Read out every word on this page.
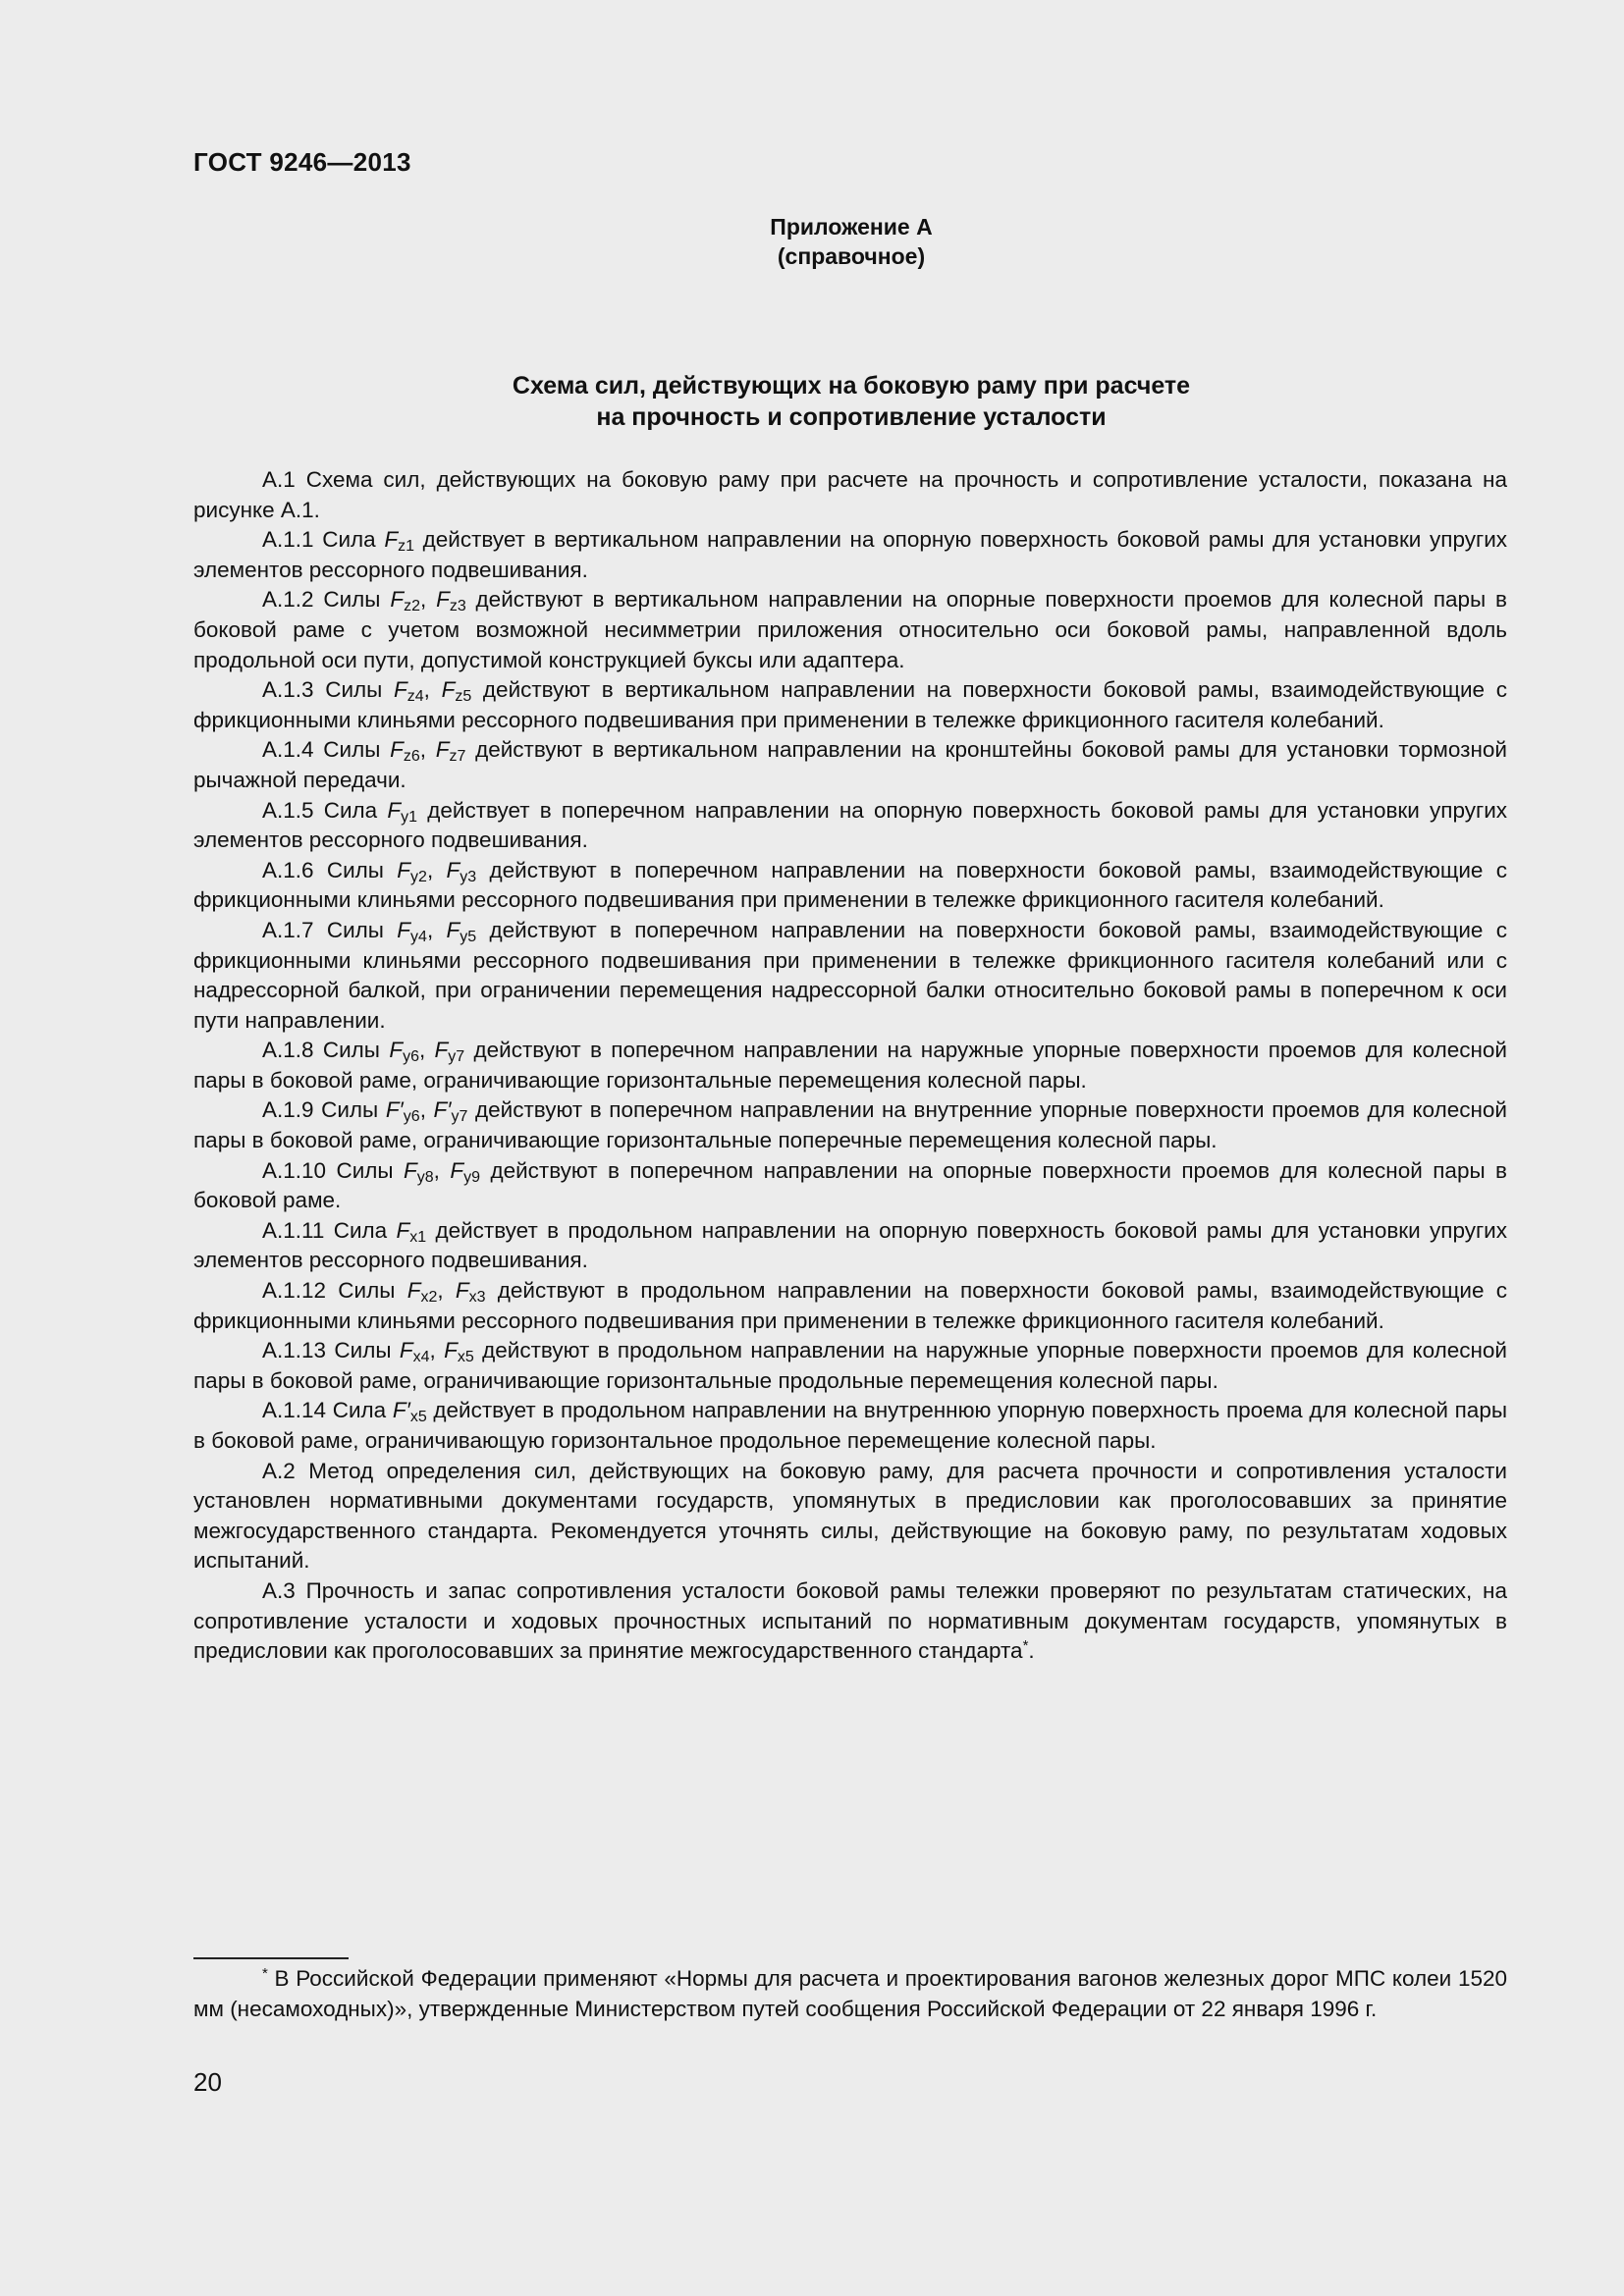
ГОСТ 9246—2013
Приложение А
(справочное)
Схема сил, действующих на боковую раму при расчете
на прочность и сопротивление усталости

А.1 Схема сил, действующих на боковую раму при расчете на прочность и сопротивление усталости, показана на рисунке А.1.

А.1.1 Сила $F_{z1}$ действует в вертикальном направлении на опорную поверхность боковой рамы для установки упругих элементов рессорного подвешивания.

А.1.2 Силы $F_{z2}$, $F_{z3}$ действуют в вертикальном направлении на опорные поверхности проемов для колесной пары в боковой раме с учетом возможной несимметрии приложения относительно оси боковой рамы, направленной вдоль продольной оси пути, допустимой конструкцией буксы или адаптера.

А.1.3 Силы $F_{z4}$, $F_{z5}$ действуют в вертикальном направлении на поверхности боковой рамы, взаимодействующие с фрикционными клиньями рессорного подвешивания при применении в тележке фрикционного гасителя колебаний.

А.1.4 Силы $F_{z6}$, $F_{z7}$ действуют в вертикальном направлении на кронштейны боковой рамы для установки тормозной рычажной передачи.

А.1.5 Сила $F_{y1}$ действует в поперечном направлении на опорную поверхность боковой рамы для установки упругих элементов рессорного подвешивания.

А.1.6 Силы $F_{y2}$, $F_{y3}$ действуют в поперечном направлении на поверхности боковой рамы, взаимодействующие с фрикционными клиньями рессорного подвешивания при применении в тележке фрикционного гасителя колебаний.

А.1.7 Силы $F_{y4}$, $F_{y5}$ действуют в поперечном направлении на поверхности боковой рамы, взаимодействующие с фрикционными клиньями рессорного подвешивания при применении в тележке фрикционного гасителя колебаний или с надрессорной балкой, при ограничении перемещения надрессорной балки относительно боковой рамы в поперечном к оси пути направлении.

А.1.8 Силы $F_{y6}$, $F_{y7}$ действуют в поперечном направлении на наружные упорные поверхности проемов для колесной пары в боковой раме, ограничивающие горизонтальные перемещения колесной пары.

А.1.9 Силы $F'_{y6}$, $F'_{y7}$ действуют в поперечном направлении на внутренние упорные поверхности проемов для колесной пары в боковой раме, ограничивающие горизонтальные поперечные перемещения колесной пары.

А.1.10 Силы $F_{y8}$, $F_{y9}$ действуют в поперечном направлении на опорные поверхности проемов для колесной пары в боковой раме.

А.1.11 Сила $F_{x1}$ действует в продольном направлении на опорную поверхность боковой рамы для установки упругих элементов рессорного подвешивания.

А.1.12 Силы $F_{x2}$, $F_{x3}$ действуют в продольном направлении на поверхности боковой рамы, взаимодействующие с фрикционными клиньями рессорного подвешивания при применении в тележке фрикционного гасителя колебаний.

А.1.13 Силы $F_{x4}$, $F_{x5}$ действуют в продольном направлении на наружные упорные поверхности проемов для колесной пары в боковой раме, ограничивающие горизонтальные продольные перемещения колесной пары.

А.1.14 Сила $F'_{x5}$ действует в продольном направлении на внутреннюю упорную поверхность проема для колесной пары в боковой раме, ограничивающую горизонтальное продольное перемещение колесной пары.

А.2 Метод определения сил, действующих на боковую раму, для расчета прочности и сопротивления усталости установлен нормативными документами государств, упомянутых в предисловии как проголосовавших за принятие межгосударственного стандарта. Рекомендуется уточнять силы, действующие на боковую раму, по результатам ходовых испытаний.

А.3 Прочность и запас сопротивления усталости боковой рамы тележки проверяют по результатам статических, на сопротивление усталости и ходовых прочностных испытаний по нормативным документам государств, упомянутых в предисловии как проголосовавших за принятие межгосударственного стандарта*.

* В Российской Федерации применяют «Нормы для расчета и проектирования вагонов железных дорог МПС колеи 1520 мм (несамоходных)», утвержденные Министерством путей сообщения Российской Федерации от 22 января 1996 г.
20
